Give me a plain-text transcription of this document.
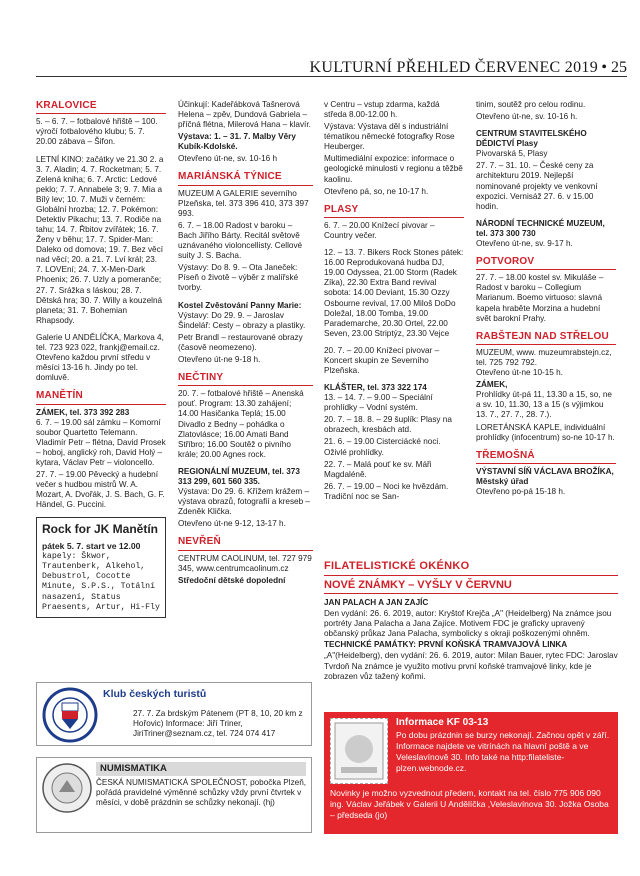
KULTURNÍ PŘEHLED ČERVENEC 2019 • 25
KRALOVICE

5. – 6. 7. – fotbalové hřiště – 100. výročí fotbalového klubu; 5. 7. 20.00 zábava – Šifon.

LETNÍ KINO: začátky ve 21.30 2. a 3. 7. Aladin; 4. 7. Rocketman; 5. 7. Zelená kniha; 6. 7. Arctic: Ledové peklo; 7. 7. Annabele 3; 9. 7. Mia a Bílý lev; 10. 7. Muži v černém: Globální hrozba; 12. 7. Pokémon: Detektiv Pikachu; 13. 7. Rodiče na tahu; 14. 7. Řbitov zvířátek; 16. 7. Ženy v běhu; 17. 7. Spider-Man: Daleko od domova; 19. 7. Bez věcí nad věcí; 20. a 21. 7. Lví král; 23. 7. LOVEní; 24. 7. X-Men-Dark Phoenix; 26. 7. Uzly a pomeranče; 27. 7. Srážka s láskou; 28. 7. Dětská hra; 30. 7. Willy a kouzelná planeta; 31. 7. Bohemian Rhapsody.

Galerie U ANDĚLÍČKA, Markova 4, tel. 723 923 022, frankj@email.cz.

Otevřeno každou první středu v měsíci 13-16 h. Jindy po tel. domluvě.

MANĚTÍN

ZÁMEK, tel. 373 392 283

6. 7. – 19.00 sál zámku – Komorní soubor Quartetto Telemann. Vladimír Petr – flétna, David Prosek – hoboj, anglický roh, David Holý – kytara, Václav Petr – violoncello.

27. 7. – 19.00 Pěvecký a hudební večer s hudbou mistrů W. A. Mozart, A. Dvořák, J. S. Bach, G. F. Händel, G. Puccini.

Rock for JK Manětín
pátek 5. 7. start ve 12.00
kapely: Škwor, Trautenberk, Alkehol, Debustrol, Cocotte Minute, S.P.S., Totální nasazení, Status Praesents, Artur, Hi-Fly

Účinkují: Kadeřábková Tašnerová Helena – zpěv, Dundová Gabriela – příčná flétna, Milerová Hana – klavír.

Výstava: 1. – 31. 7. Malby Věry Kubík-Kdolské.

Otevřeno út-ne, sv. 10-16 h

MARIÁNSKÁ TÝNICE

MUZEUM A GALERIE severního Plzeňska, tel. 373 396 410, 373 397 993.

6. 7. – 18.00 Radost v baroku – Bach Jiřího Bárty. Recitál světově uznávaného violoncellisty. Cellové suity J. S. Bacha.

Výstavy: Do 8. 9. – Ota Janeček: Píseň o životě – výběr z malířské tvorby.

Kostel Zvěstování Panny Marie:

Výstavy: Do 29. 9. – Jaroslav Šindelář: Cesty – obrazy a plastiky.

Petr Brandl – restaurované obrazy (časově neomezeno).

Otevřeno út-ne 9-18 h.

NEČTINY

20. 7. – fotbalové hřiště – Anenská pouť. Program: 13.30 zahájení; 14.00 Hasičanka Teplá; 15.00 Divadlo z Bedny – pohádka o Zlatovlásce; 16.00 Amati Band Stříbro; 16.00 Soutěž o pivního krále; 20.00 Agnes rock.

REGIONÁLNÍ MUZEUM, tel. 373 313 299, 601 560 335.

Výstava: Do 29. 6. Křížem krážem – výstava obrazů, fotografií a kreseb – Zdeněk Klička.

Otevřeno út-ne 9-12, 13-17 h.

NEVŘEŇ

CENTRUM CAOLINUM, tel. 727 979 345, www.centrumcaolinum.cz

Středoční dětské dopolední

Klub českých turistů
27. 7. Za brdským Pátenem (PT 8, 10, 20 km z Hořovic) Informace: Jiří Triner, JiriTriner@seznam.cz, tel. 724 074 417
NUMISMATIKA
ČESKÁ NUMISMATICKÁ SPOLEČNOST, pobočka Plzeň, pořádá pravidelné výměnné schůzky vždy první čtvrtek v měsíci, v době prázdnin se schůzky nekonají. (hj)

v Centru – vstup zdarma, každá středa 8.00-12.00 h.

Výstava: Výstava děl s industriální tématikou německé fotografky Rose Heuberger.

Multimediální expozice: informace o geologické minulosti v regionu a těžbě kaolinu.

Otevřeno pá, so, ne 10-17 h.

PLASY

6. 7. – 20.00 Knížecí pivovar – Country večer.

12. – 13. 7. Bikers Rock Stones pátek: 16.00 Reprodukovaná hudba DJ, 19.00 Odyssea, 21.00 Storm (Radek Zíka), 22.30 Extra Band revival sobota: 14.00 Deviant, 15.30 Ozzy Osbourne revival, 17.00 Miloš DoDo Doležal, 18.00 Tomba, 19.00 Parademarche, 20.30 Ortel, 22.00 Seven, 23.00 Striptýz, 23.30 Vejce

20. 7. – 20.00 Knížecí pivovar – Koncert skupin ze Severního Plzeňska.

KLÁŠTER, tel. 373 322 174

13. – 14. 7. – 9.00 – Speciální prohlídky – Vodní systém.

20. 7. – 18. 8. – 29 šuplík: Plasy na obrazech, kresbách atd.

21. 6. – 19.00 Cisterciácké noci. Oživlé prohlídky.

22. 7. – Malá pouť ke sv. Máři Magdaléně.

26. 7. – 19.00 – Noci ke hvězdám. Tradiční noc se San-

tinim, soutěž pro celou rodinu.

Otevřeno út-ne, sv. 10-16 h.

CENTRUM STAVITELSKÉHO DĚDICTVÍ Plasy

Pivovarská 5, Plasy

27. 7. – 31. 10. – České ceny za architekturu 2019. Nejlepší nominované projekty ve venkovní expozici. Vernisáž 27. 6. v 15.00 hodin.

NÁRODNÍ TECHNICKÉ MUZEUM, tel. 373 300 730

Otevřeno út-ne, sv. 9-17 h.

POTVOROV

27. 7. – 18.00 kostel sv. Mikuláše – Radost v baroku – Collegium Marianum. Boemo virtuoso: slavná kapela hraběte Morzina a hudební svět barokní Prahy.

RABŠTEJN NAD STŘELOU

MUZEUM, www. muzeumrabstejn.cz, tel. 725 792 792.

Otevřeno út-ne 10-15 h.

ZÁMEK,

Prohlídky út-pá 11, 13.30 a 15, so, ne a sv. 10, 11.30, 13 a 15 (s výjimkou 13. 7., 27. 7., 28. 7.).

LORETÁNSKÁ KAPLE, individuální prohlídky (infocentrum) so-ne 10-17 h.

TŘEMOŠNÁ

VÝSTAVNÍ SÍŇ VÁCLAVA BROŽÍKA, Městský úřad

Otevřeno po-pá 15-18 h.

FILATELISTICKÉ OKÉNKO
NOVÉ ZNÁMKY – VYŠLY V ČERVNU

JAN PALACH A JAN ZAJÍC

Den vydání: 26. 6. 2019, autor: Kryštof Krejča „A" (Heidelberg) Na známce jsou portréty Jana Palacha a Jana Zajíce. Motivem FDC je graficky upravený občanský průkaz Jana Palacha, symbolicky s okraji poškozenými ohněm.

TECHNICKÉ PAMÁTKY: PRVNÍ KOŇSKÁ TRAMVAJOVÁ LINKA

„A"(Heidelberg), den vydání: 26. 6. 2019, autor: Milan Bauer, rytec FDC: Jaroslav Tvrdoň Na známce je využito motivu první koňské tramvajové linky, kde je zobrazen vůz tažený koňmi.

Informace KF 03-13
Po dobu prázdnin se burzy nekonají. Začnou opět v září. Informace najdete ve vitrínách na hlavní poště a ve Veleslavínově 30. Info také na http:filateliste-plzen.webnode.cz.
Novinky je možno vyzvednout předem, kontakt na tel. číslo 775 906 090 ing. Václav Jeřábek v Galerii U Andělíčka ,Veleslavínova 30. Jožka Osoba – předseda (jo)
